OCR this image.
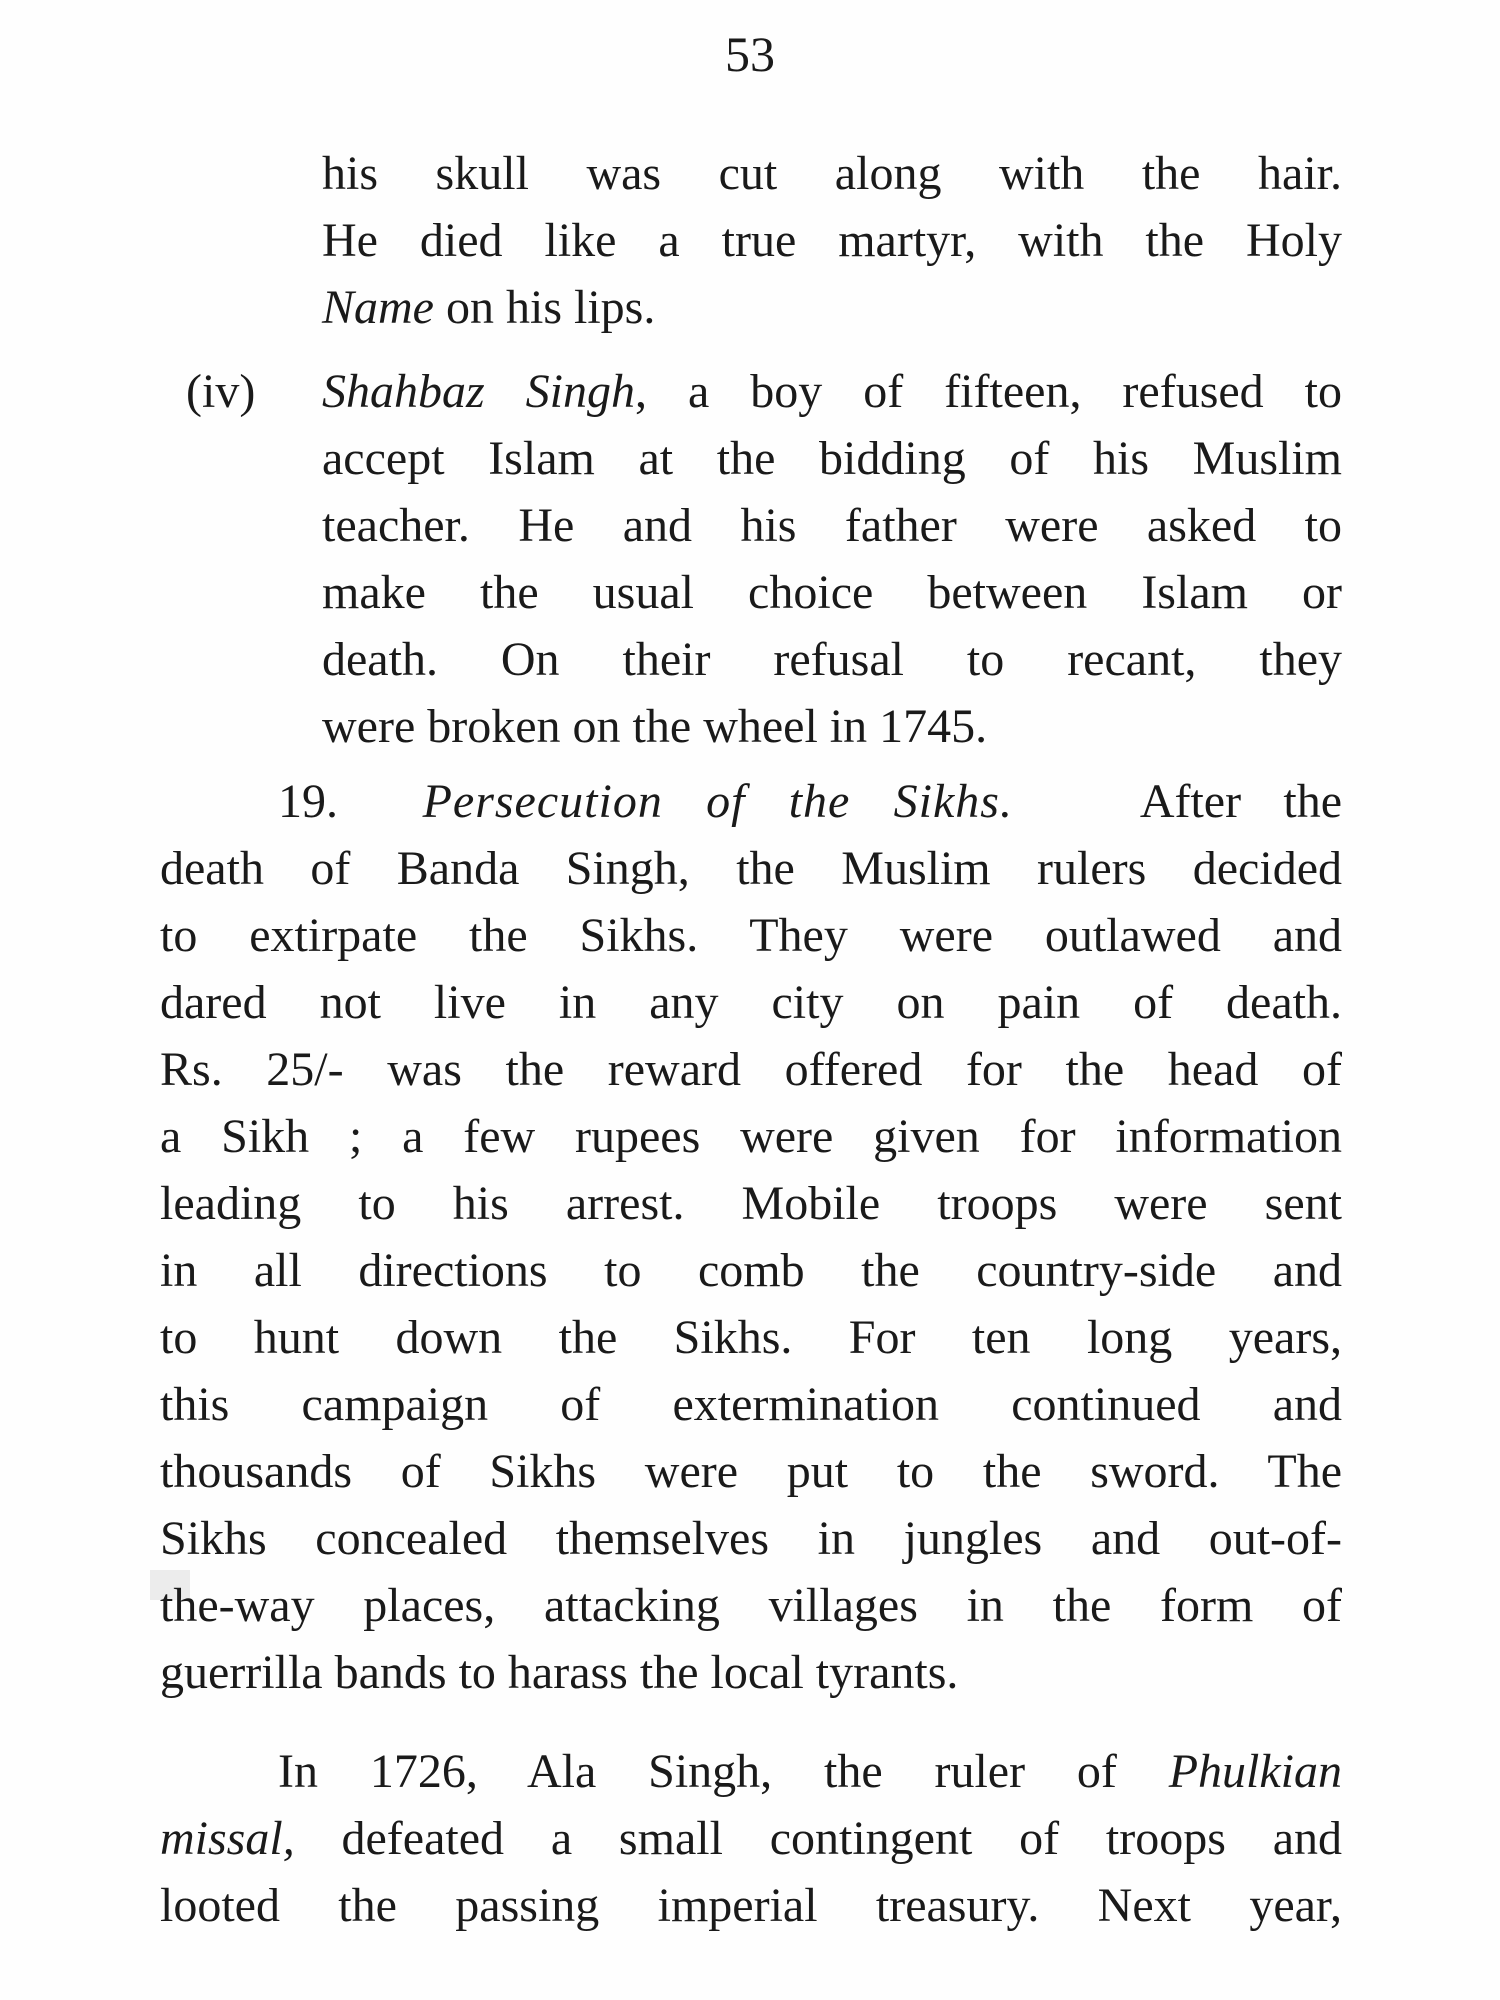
53
his skull was cut along with the hair.
He died like a true martyr, with the Holy
Name on his lips.
(iv) Shahbaz Singh, a boy of fifteen, refused to
accept Islam at the bidding of his Muslim
teacher. He and his father were asked to
make the usual choice between Islam or
death. On their refusal to recant, they
were broken on the wheel in 1745.
19. Persecution of the Sikhs.	After the
death of Banda Singh, the Muslim rulers decided
to extirpate the Sikhs. They were outlawed and
dared not live in any city on pain of death.
Rs. 25/- was the reward offered for the head of
a Sikh ; a few rupees were given for information
leading to his arrest. Mobile troops were sent
in all directions to comb the country-side and
to hunt down the Sikhs. For ten long years,
this campaign of extermination continued and
thousands of Sikhs were put to the sword. The
Sikhs concealed themselves in jungles and out-of-
the-way places, attacking villages in the form of
guerrilla bands to harass the local tyrants.
In 1726, Ala Singh, the ruler of Phulkian
missal, defeated a small contingent of troops and
looted the passing imperial treasury. Next year,
